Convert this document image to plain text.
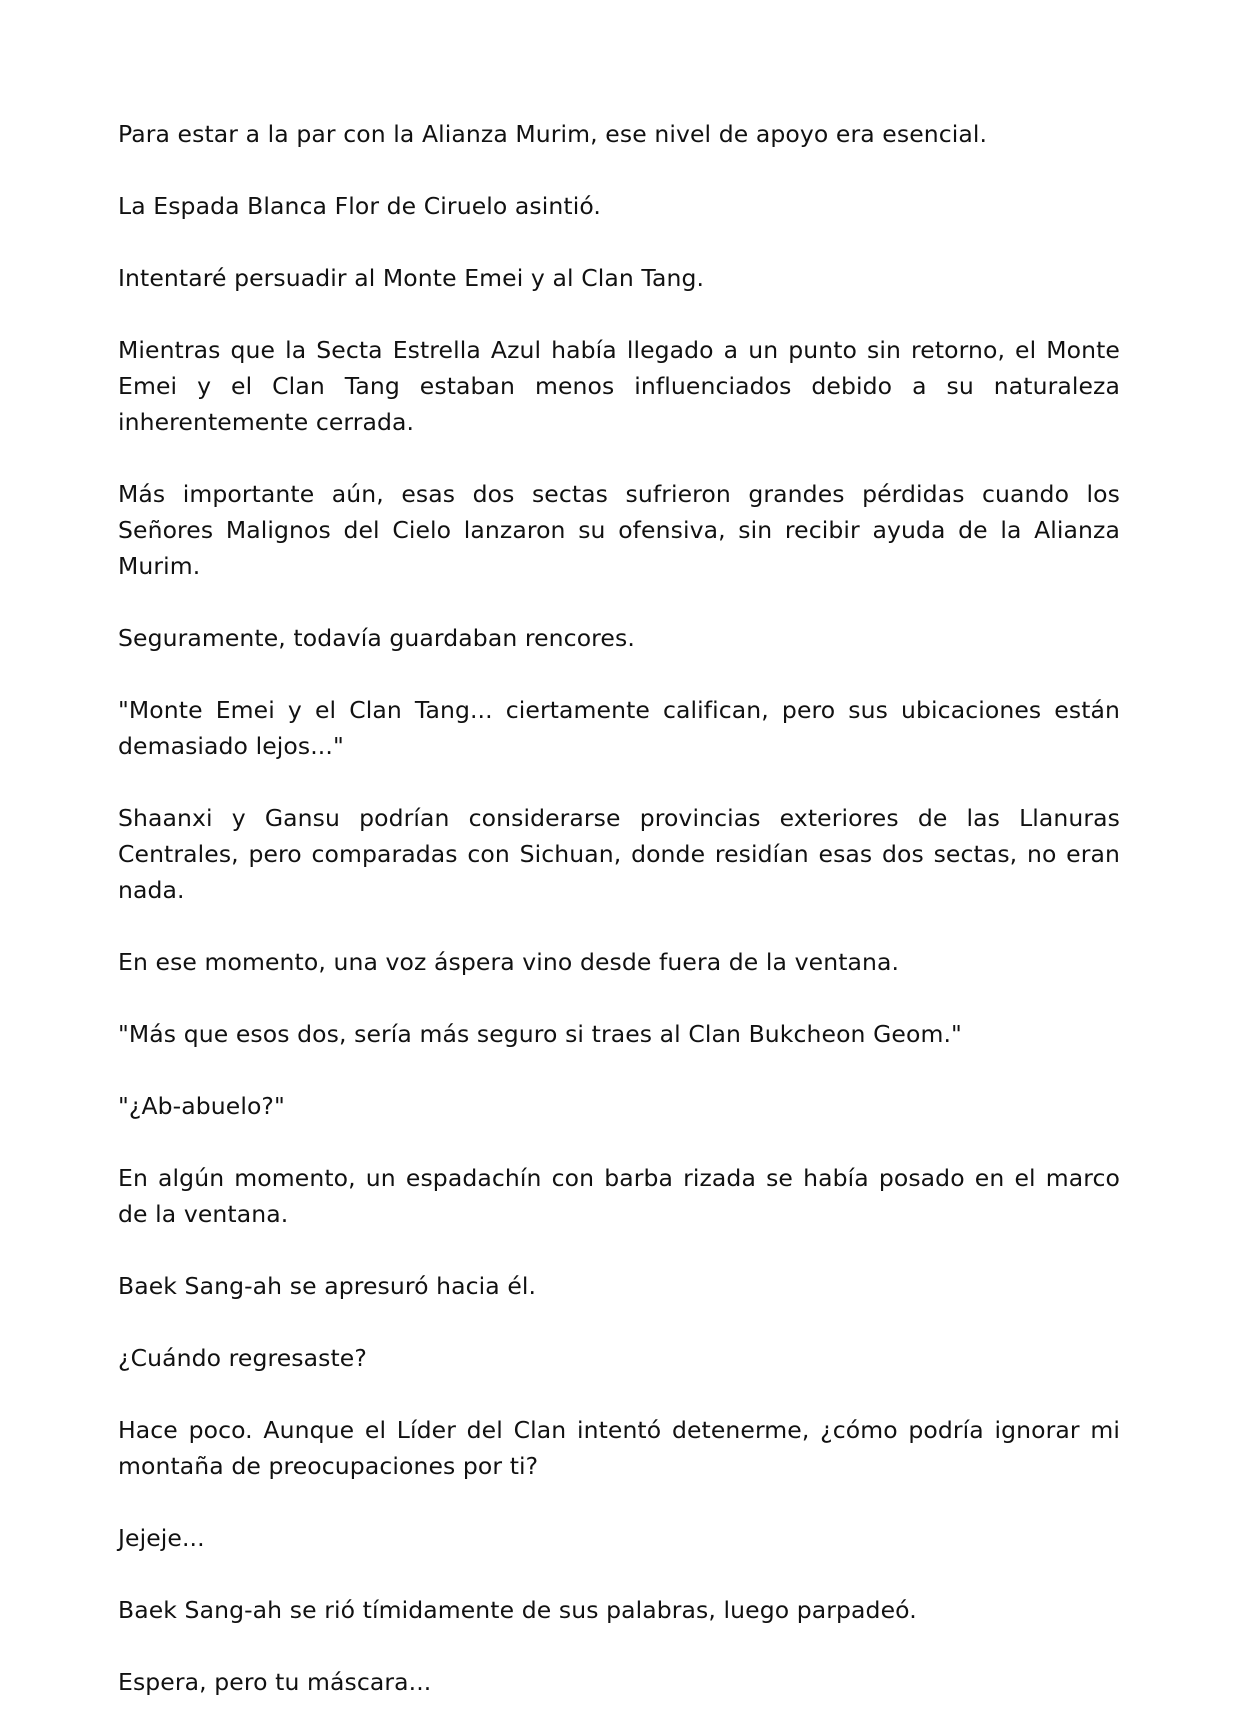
Para estar a la par con la Alianza Murim, ese nivel de apoyo era esencial.

La Espada Blanca Flor de Ciruelo asintió.

Intentaré persuadir al Monte Emei y al Clan Tang.

Mientras que la Secta Estrella Azul había llegado a un punto sin retorno, el Monte Emei y el Clan Tang estaban menos influenciados debido a su naturaleza inherentemente cerrada.

Más importante aún, esas dos sectas sufrieron grandes pérdidas cuando los Señores Malignos del Cielo lanzaron su ofensiva, sin recibir ayuda de la Alianza Murim.

Seguramente, todavía guardaban rencores.

"Monte Emei y el Clan Tang... ciertamente califican, pero sus ubicaciones están demasiado lejos..."

Shaanxi y Gansu podrían considerarse provincias exteriores de las Llanuras Centrales, pero comparadas con Sichuan, donde residían esas dos sectas, no eran nada.

En ese momento, una voz áspera vino desde fuera de la ventana.

"Más que esos dos, sería más seguro si traes al Clan Bukcheon Geom."

"¿Ab-abuelo?"

En algún momento, un espadachín con barba rizada se había posado en el marco de la ventana.

Baek Sang-ah se apresuró hacia él.

¿Cuándo regresaste?

Hace poco. Aunque el Líder del Clan intentó detenerme, ¿cómo podría ignorar mi montaña de preocupaciones por ti?

Jejeje...

Baek Sang-ah se rió tímidamente de sus palabras, luego parpadeó.

Espera, pero tu máscara...
